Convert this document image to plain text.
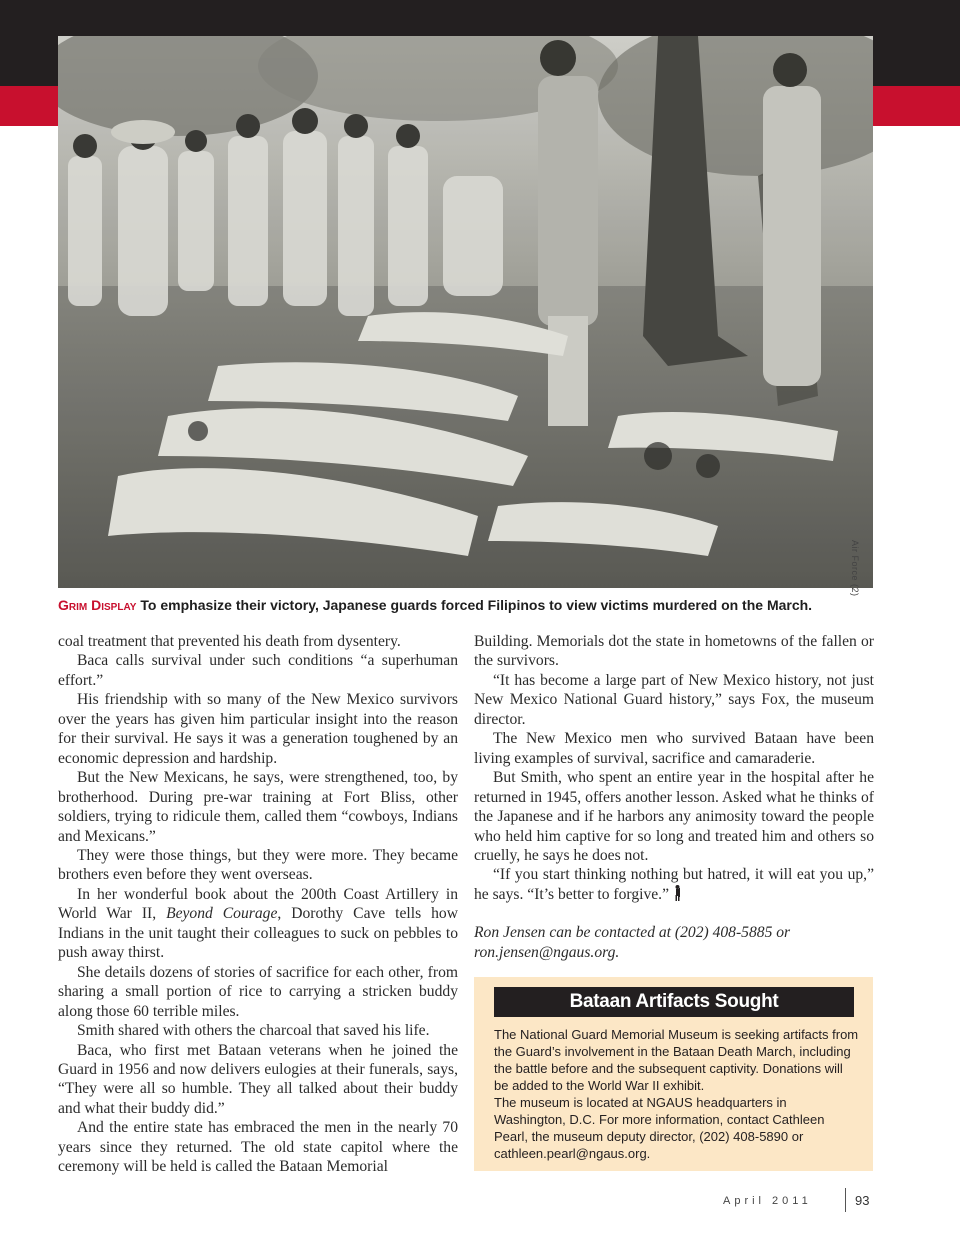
Air Force (2)
Grim Display To emphasize their victory, Japanese guards forced Filipinos to view victims murdered on the March.

coal treatment that prevented his death from dysentery.

Baca calls survival under such conditions “a superhuman effort.”

His friendship with so many of the New Mexico survivors over the years has given him particular insight into the reason for their survival. He says it was a generation toughened by an economic depression and hardship.

But the New Mexicans, he says, were strengthened, too, by brotherhood. During pre-war training at Fort Bliss, other soldiers, trying to ridicule them, called them “cowboys, Indians and Mexicans.”

They were those things, but they were more. They became brothers even before they went overseas.

In her wonderful book about the 200th Coast Artillery in World War II, Beyond Courage, Dorothy Cave tells how Indians in the unit taught their colleagues to suck on pebbles to push away thirst.

She details dozens of stories of sacrifice for each other, from sharing a small portion of rice to carrying a stricken buddy along those 60 terrible miles.

Smith shared with others the charcoal that saved his life.

Baca, who first met Bataan veterans when he joined the Guard in 1956 and now delivers eulogies at their funerals, says, “They were all so humble. They all talked about their buddy and what their buddy did.”

And the entire state has embraced the men in the nearly 70 years since they returned. The old state capitol where the ceremony will be held is called the Bataan Memorial

Building. Memorials dot the state in hometowns of the fallen or the survivors.

“It has become a large part of New Mexico history, not just New Mexico National Guard history,” says Fox, the museum director.

The New Mexico men who survived Bataan have been living examples of survival, sacrifice and camaraderie.

But Smith, who spent an entire year in the hospital after he returned in 1945, offers another lesson. Asked what he thinks of the Japanese and if he harbors any animosity toward the people who held him captive for so long and treated him and others so cruelly, he says he does not.

“If you start thinking nothing but hatred, it will eat you up,” he says. “It’s better to forgive.”

Ron Jensen can be contacted at (202) 408-5885 or ron.jensen@ngaus.org.

Bataan Artifacts Sought

The National Guard Memorial Museum is seeking artifacts from the Guard’s involvement in the Bataan Death March, including the battle before and the subsequent captivity. Donations will be added to the World War II exhibit.

The museum is located at NGAUS headquarters in Washington, D.C. For more information, contact Cathleen Pearl, the museum deputy director, (202) 408-5890 or cathleen.pearl@ngaus.org.

April 2011	93
